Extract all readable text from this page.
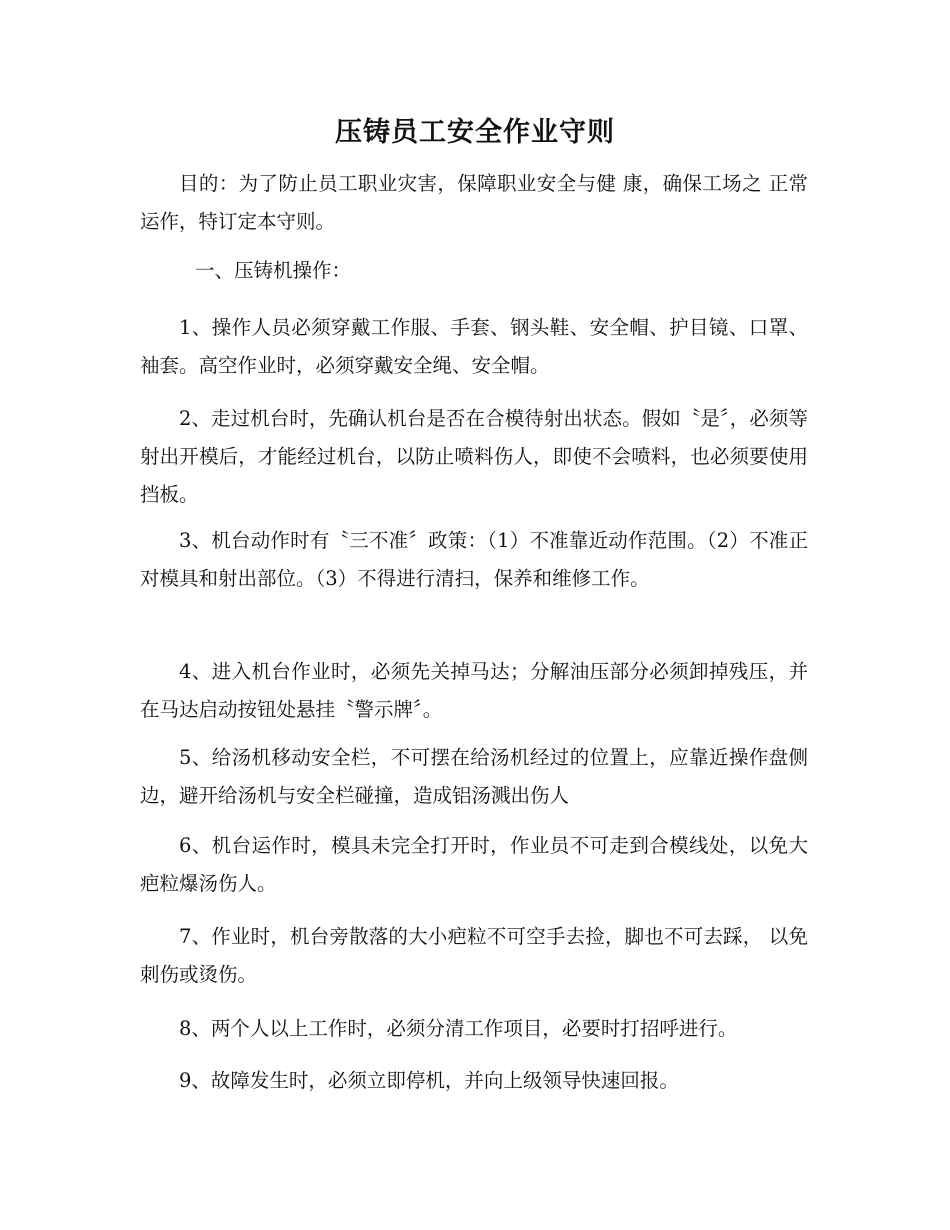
压铸员工安全作业守则
目的：为了防止员工职业灾害，保障职业安全与健 康，确保工场之 正常运作，特订定本守则。
一、压铸机操作：
1、操作人员必须穿戴工作服、手套、钢头鞋、安全帽、护目镜、口罩、袖套。高空作业时，必须穿戴安全绳、安全帽。
2、走过机台时，先确认机台是否在合模待射出状态。假如〝是〞，必须等射出开模后，才能经过机台，以防止喷料伤人，即使不会喷料，也必须要使用挡板。
3、机台动作时有〝三不准〞政策：（1）不准靠近动作范围。（2）不准正对模具和射出部位。（3）不得进行清扫，保养和维修工作。
4、进入机台作业时，必须先关掉马达；分解油压部分必须卸掉残压，并在马达启动按钮处悬挂〝警示牌〞。
5、给汤机移动安全栏，不可摆在给汤机经过的位置上，应靠近操作盘侧边，避开给汤机与安全栏碰撞，造成铝汤溅出伤人
6、机台运作时，模具未完全打开时，作业员不可走到合模线处，以免大疤粒爆汤伤人。
7、作业时，机台旁散落的大小疤粒不可空手去捡，脚也不可去踩， 以免刺伤或烫伤。
8、两个人以上工作时，必须分清工作项目，必要时打招呼进行。
9、故障发生时，必须立即停机，并向上级领导快速回报。
